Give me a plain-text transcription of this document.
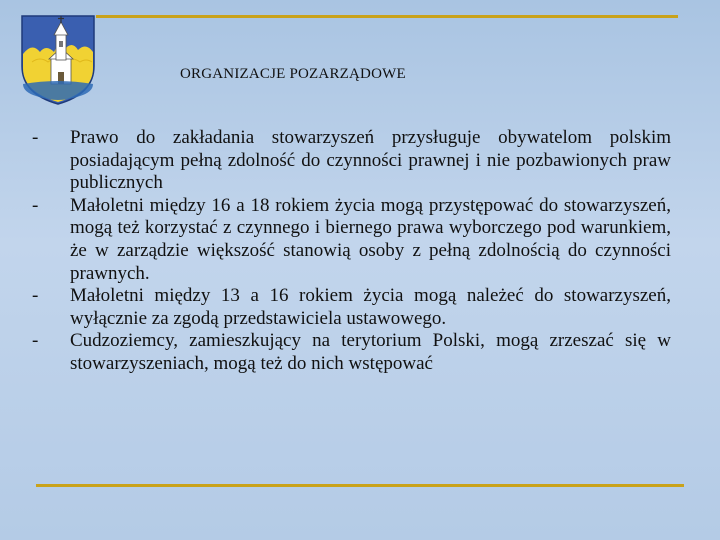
ORGANIZACJE POZARZĄDOWE
-	Prawo do zakładania stowarzyszeń przysługuje obywatelom polskim posiadającym pełną zdolność do czynności prawnej i nie pozbawionych praw publicznych
-	Małoletni między 16 a 18 rokiem życia mogą przystępować do stowarzyszeń, mogą też korzystać z czynnego i biernego prawa wyborczego pod warunkiem, że w zarządzie większość stanowią osoby z pełną zdolnością do czynności prawnych.
-	Małoletni między 13 a 16 rokiem życia mogą należeć do stowarzyszeń, wyłącznie za zgodą przedstawiciela ustawowego.
-	Cudzoziemcy, zamieszkujący na terytorium Polski, mogą zrzeszać się w stowarzyszeniach, mogą też do nich wstępować
